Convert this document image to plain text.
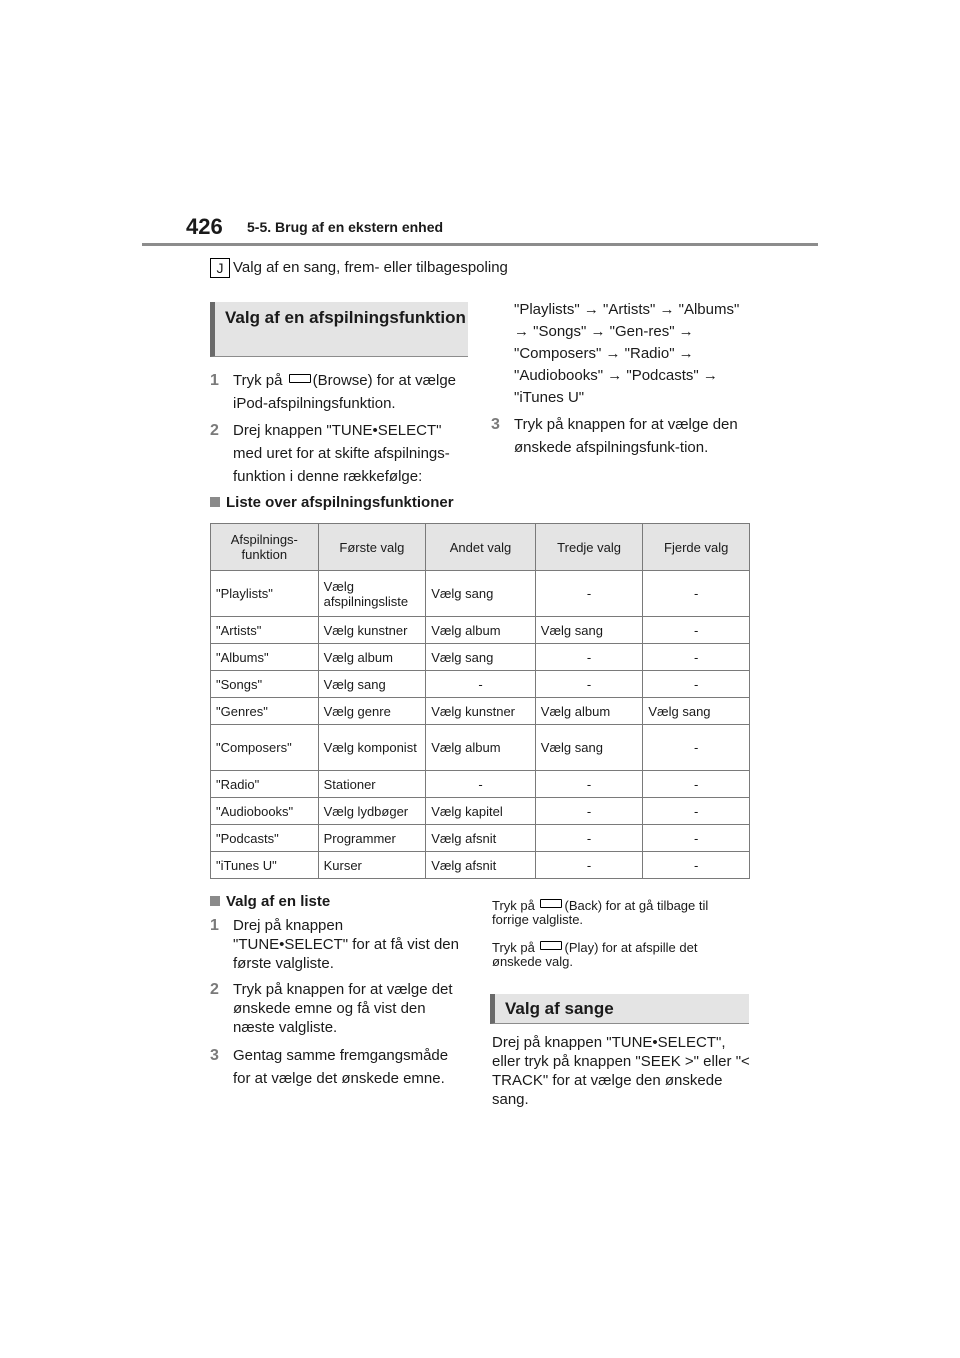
426 5-5. Brug af en ekstern enhed
J Valg af en sang, frem- eller tilbagespoling
Valg af en afspilningsfunktion
1 Tryk på (Browse) for at vælge iPod-afspilningsfunktion.
2 Drej knappen "TUNE•SELECT" med uret for at skifte afspilnings-funktion i denne rækkefølge:
"Playlists" → "Artists" → "Albums" → "Songs" → "Gen-res" → "Composers" → "Radio" → "Audiobooks" → "Podcasts" → "iTunes U"
3 Tryk på knappen for at vælge den ønskede afspilningsfunk-tion.
Liste over afspilningsfunktioner
Afspilnings-funktion	Første valg	Andet valg	Tredje valg	Fjerde valg
"Playlists"	Vælg afspilningsliste	Vælg sang	-	-
"Artists"	Vælg kunstner	Vælg album	Vælg sang	-
"Albums"	Vælg album	Vælg sang	-	-
"Songs"	Vælg sang	-	-	-
"Genres"	Vælg genre	Vælg kunstner	Vælg album	Vælg sang
"Composers"	Vælg komponist	Vælg album	Vælg sang	-
"Radio"	Stationer	-	-	-
"Audiobooks"	Vælg lydbøger	Vælg kapitel	-	-
"Podcasts"	Programmer	Vælg afsnit	-	-
"iTunes U"	Kurser	Vælg afsnit	-	-
Valg af en liste
1 Drej på knappen "TUNE•SELECT" for at få vist den første valgliste.
2 Tryk på knappen for at vælge det ønskede emne og få vist den næste valgliste.
3 Gentag samme fremgangsmåde for at vælge det ønskede emne.
Tryk på (Back) for at gå tilbage til forrige valgliste.
Tryk på (Play) for at afspille det ønskede valg.
Valg af sange
Drej på knappen "TUNE•SELECT", eller tryk på knappen "SEEK >" eller "< TRACK" for at vælge den ønskede sang.
